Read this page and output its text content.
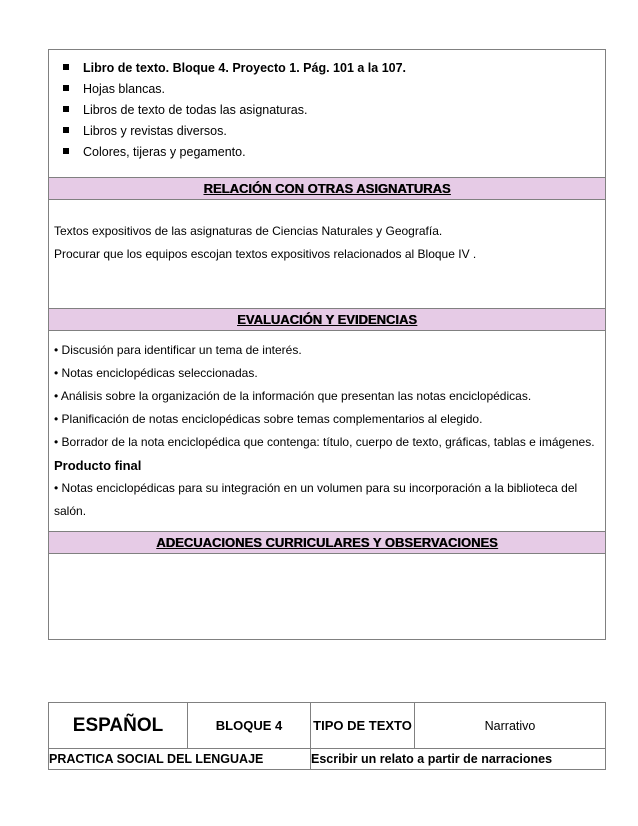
Libro de texto. Bloque 4. Proyecto 1. Pág. 101 a la 107.
Hojas blancas.
Libros de texto de todas las asignaturas.
Libros y revistas diversos.
Colores, tijeras y pegamento.

RELACIÓN CON OTRAS ASIGNATURAS

Textos expositivos de las asignaturas de Ciencias Naturales y Geografía.

Procurar que los equipos escojan textos expositivos relacionados al Bloque IV .

EVALUACIÓN Y EVIDENCIAS

• Discusión para identificar un tema de interés.

• Notas enciclopédicas seleccionadas.

• Análisis sobre la organización de la información que presentan las notas enciclopédicas.

• Planificación de notas enciclopédicas sobre temas complementarios al elegido.

• Borrador de la nota enciclopédica que contenga: título, cuerpo de texto, gráficas, tablas e imágenes.

Producto final

• Notas enciclopédicas para su integración en un volumen para su incorporación a la biblioteca del salón.

ADECUACIONES CURRICULARES Y OBSERVACIONES

ESPAÑOL	BLOQUE 4	TIPO DE TEXTO	Narrativo
PRACTICA SOCIAL DEL LENGUAJE		Escribir un relato a partir de narraciones	
